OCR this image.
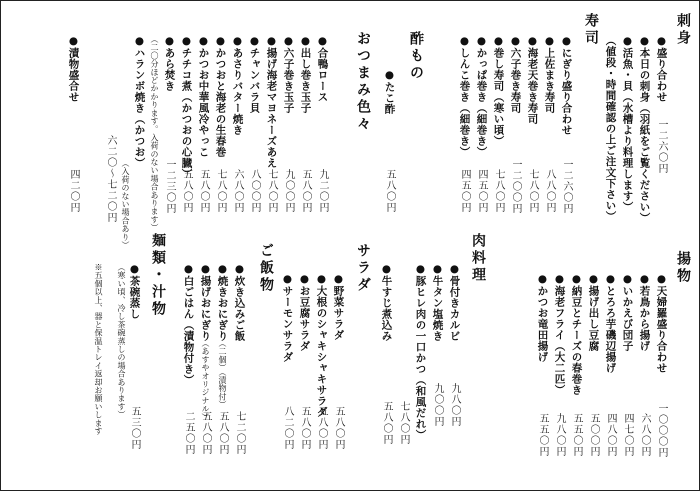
刺身
●盛り合わせ
一二六〇円
●本日の刺身（羽紙をご覧ください）
●活魚・貝（水槽より料理します）
（値段・時間確認の上ご注文下さい）
寿司
●にぎり盛り合わせ
一二六〇円
●上佐まき寿司
八八〇円
●海老天巻き寿司
七八〇円
●六子巻き寿司
一二〇〇円
●巻し寿司（寒い頃）
七八〇円
●かっぱ巻き（細巻き）
四五〇円
●しんこ巻き（細巻き）
四五〇円
酢もの
●たこ酢
五八〇円
おつまみ色々
●合鴨ロース
九二〇円
●出し巻き玉子
五八〇円
●六子巻き玉子
九〇〇円
●揚げ海老マヨネーズあえ
七八〇円
●チャンバラ貝
八〇〇円
●あさりバター焼き
六八〇円
●かつおと海老の生春巻
七八〇円
●かつお中華風冷やっこ
五八〇円
●チチコ煮（かつおの心臓）
五八〇円
●あら焚き
一二三〇円
（二〇分ほどかかります。入荷のない場合あります）
●ハランボ焼き（かつお）
（入荷のない場合あり）
六二〇〜七二〇円
●漬物盛合せ
四二〇円
揚物
●天婦羅盛り合わせ
一〇〇〇円
●若鳥から揚げ
六八〇円
●いかえび団子
四七〇円
●とろろ芋磯辺揚げ
四八〇円
●揚げ出し豆腐
五〇〇円
●納豆とチーズの春巻き
五五〇円
●海老フライ（大二匹）
九八〇円
●かつお竜田揚げ
五五〇円
肉料理
●骨付きカルビ
九八〇円
●牛タン塩焼き
九〇〇円
●豚ヒレ肉の一口かつ（和風だれ）
七八〇円
●牛すじ煮込み
五八〇円
サラダ
●野菜サラダ
五八〇円
●大根のシャキシャキサラダ
五八〇円
●お豆腐サラダ
五八〇円
●サーモンサラダ
八二〇円
ご飯物
●炊き込みご飯
七二〇円
●焼きおにぎり
（二個）（漬物付）
五八〇円
●揚げおにぎり
（あすやオリジナル）
五八〇円
●白ごはん（漬物付き）
二五〇円
麺類・汁物
●茶碗蒸し
五三〇円
（寒い頃、冷し茶碗蒸しの場合あります）
※五個以上、器と保温トレイ返却お願いします
